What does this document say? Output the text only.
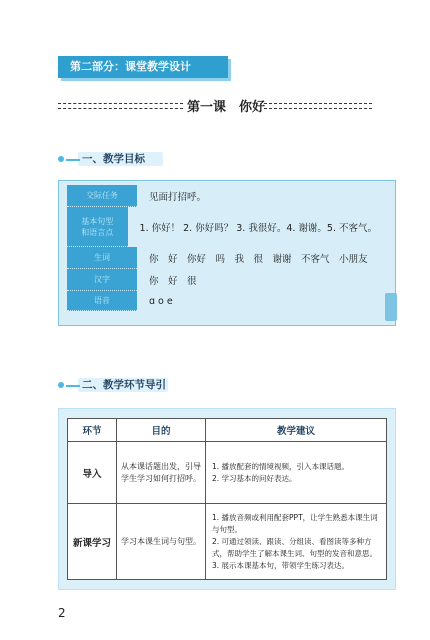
第二部分：课堂教学设计
第一课　你好
一、教学目标
交际任务	见面打招呼。
基本句型
和语言点	1. 你好！ 2. 你好吗？ 3. 我很好。4. 谢谢。5. 不客气。
生词	你　好　你好　吗　我　很　谢谢　不客气　小朋友
汉字	你　好　很
语音	ɑ o e
二、教学环节导引
环节	目的	教学建议
导入	从本课话题出发，引导学生学习如何打招呼。	1. 播放配套的情境视频，引入本课话题。
2. 学习基本的问好表达。

新课学习	学习本课生词与句型。	1. 播放音频或利用配套PPT，让学生熟悉本课生词与句型。
2. 可通过领读、跟读、分组读、看图读等多种方式，帮助学生了解本课生词、句型的发音和意思。
3. 展示本课基本句，带领学生练习表达。
2
